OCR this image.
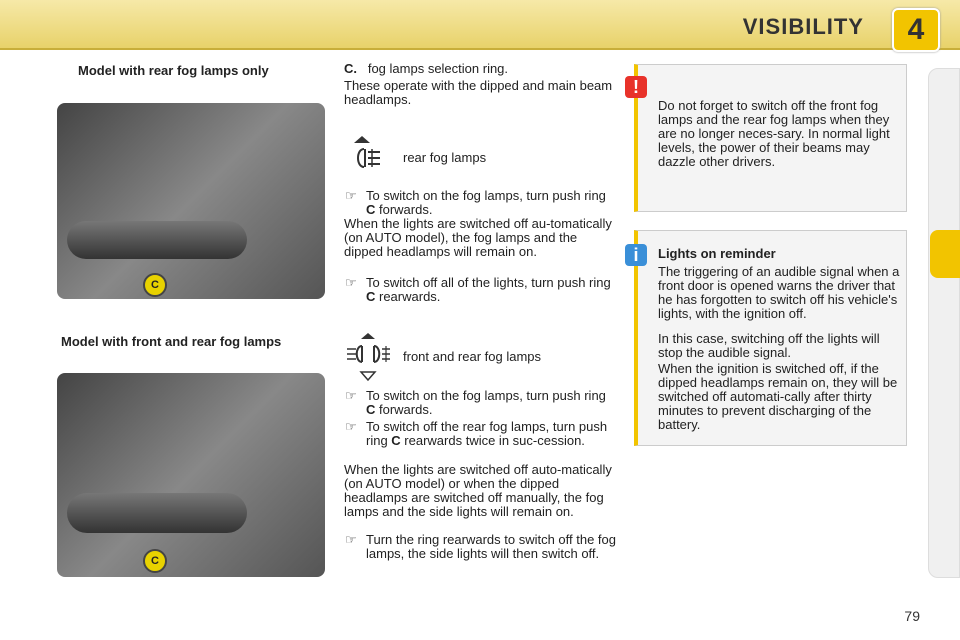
VISIBILITY	4
Model with rear fog lamps only
C
Model with front and rear fog lamps
C
C. fog lamps selection ring.
These operate with the dipped and main beam headlamps.
rear fog lamps
☞ To switch on the fog lamps, turn push ring C forwards.
When the lights are switched off au-tomatically (on AUTO model), the fog lamps and the dipped headlamps will remain on.
☞ To switch off all of the lights, turn push ring C rearwards.
front and rear fog lamps
☞ To switch on the fog lamps, turn push ring C forwards.
☞ To switch off the rear fog lamps, turn push ring C rearwards twice in suc-cession.
When the lights are switched off auto-matically (on AUTO model) or when the dipped headlamps are switched off manually, the fog lamps and the side lights will remain on.
☞ Turn the ring rearwards to switch off the fog lamps, the side lights will then switch off.
Do not forget to switch off the front fog lamps and the rear fog lamps when they are no longer neces-sary. In normal light levels, the power of their beams may dazzle other drivers.
!
Lights on reminder
The triggering of an audible signal when a front door is opened warns the driver that he has forgotten to switch off his vehicle's lights, with the ignition off.
In this case, switching off the lights will stop the audible signal.
When the ignition is switched off, if the dipped headlamps remain on, they will be switched off automati-cally after thirty minutes to prevent discharging of the battery.
i
79
